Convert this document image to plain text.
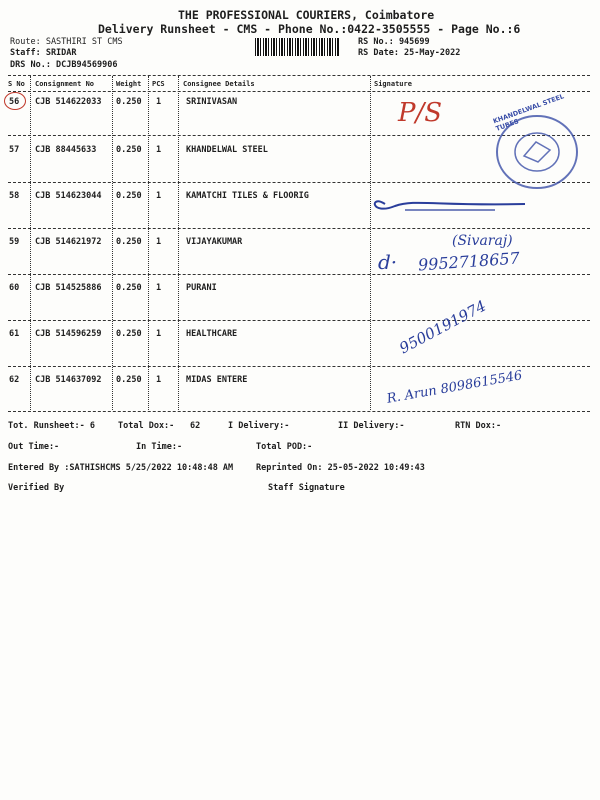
THE PROFESSIONAL COURIERS, Coimbatore
Delivery Runsheet - CMS - Phone No.:0422-3505555 - Page No.:6
Route: SASTHIRI ST CMS
Staff: SRIDAR
DRS No.: DCJB94569906
RS No.: 945699
RS Date: 25-May-2022
S No Consignment No	Weight PCS	Consignee Details	Signature
56 CJB 514622033 0.250 1	SRINIVASAN
57 CJB 88445633 0.250 1	KHANDELWAL STEEL
58 CJB 514623044 0.250 1	KAMATCHI TILES & FLOORIG
59 CJB 514621972 0.250 1	VIJAYAKUMAR
60 CJB 514525886 0.250 1	PURANI
61 CJB 514596259 0.250 1	HEALTHCARE
62 CJB 514637092 0.250 1	MIDAS ENTERE
P/S	KHANDELWAL STEEL TUBES
(Sivaraj)
d· 9952718657
9500191974
R. Arun 8098615546
Tot. Runsheet:- 6	Total Dox:- 62	I Delivery:-	II Delivery:-	RTN Dox:-
Out Time:-	In Time:-	Total POD:-
Entered By :SATHISHCMS 5/25/2022 10:48:48 AM	Reprinted On: 25-05-2022 10:49:43
Verified By	Staff Signature
